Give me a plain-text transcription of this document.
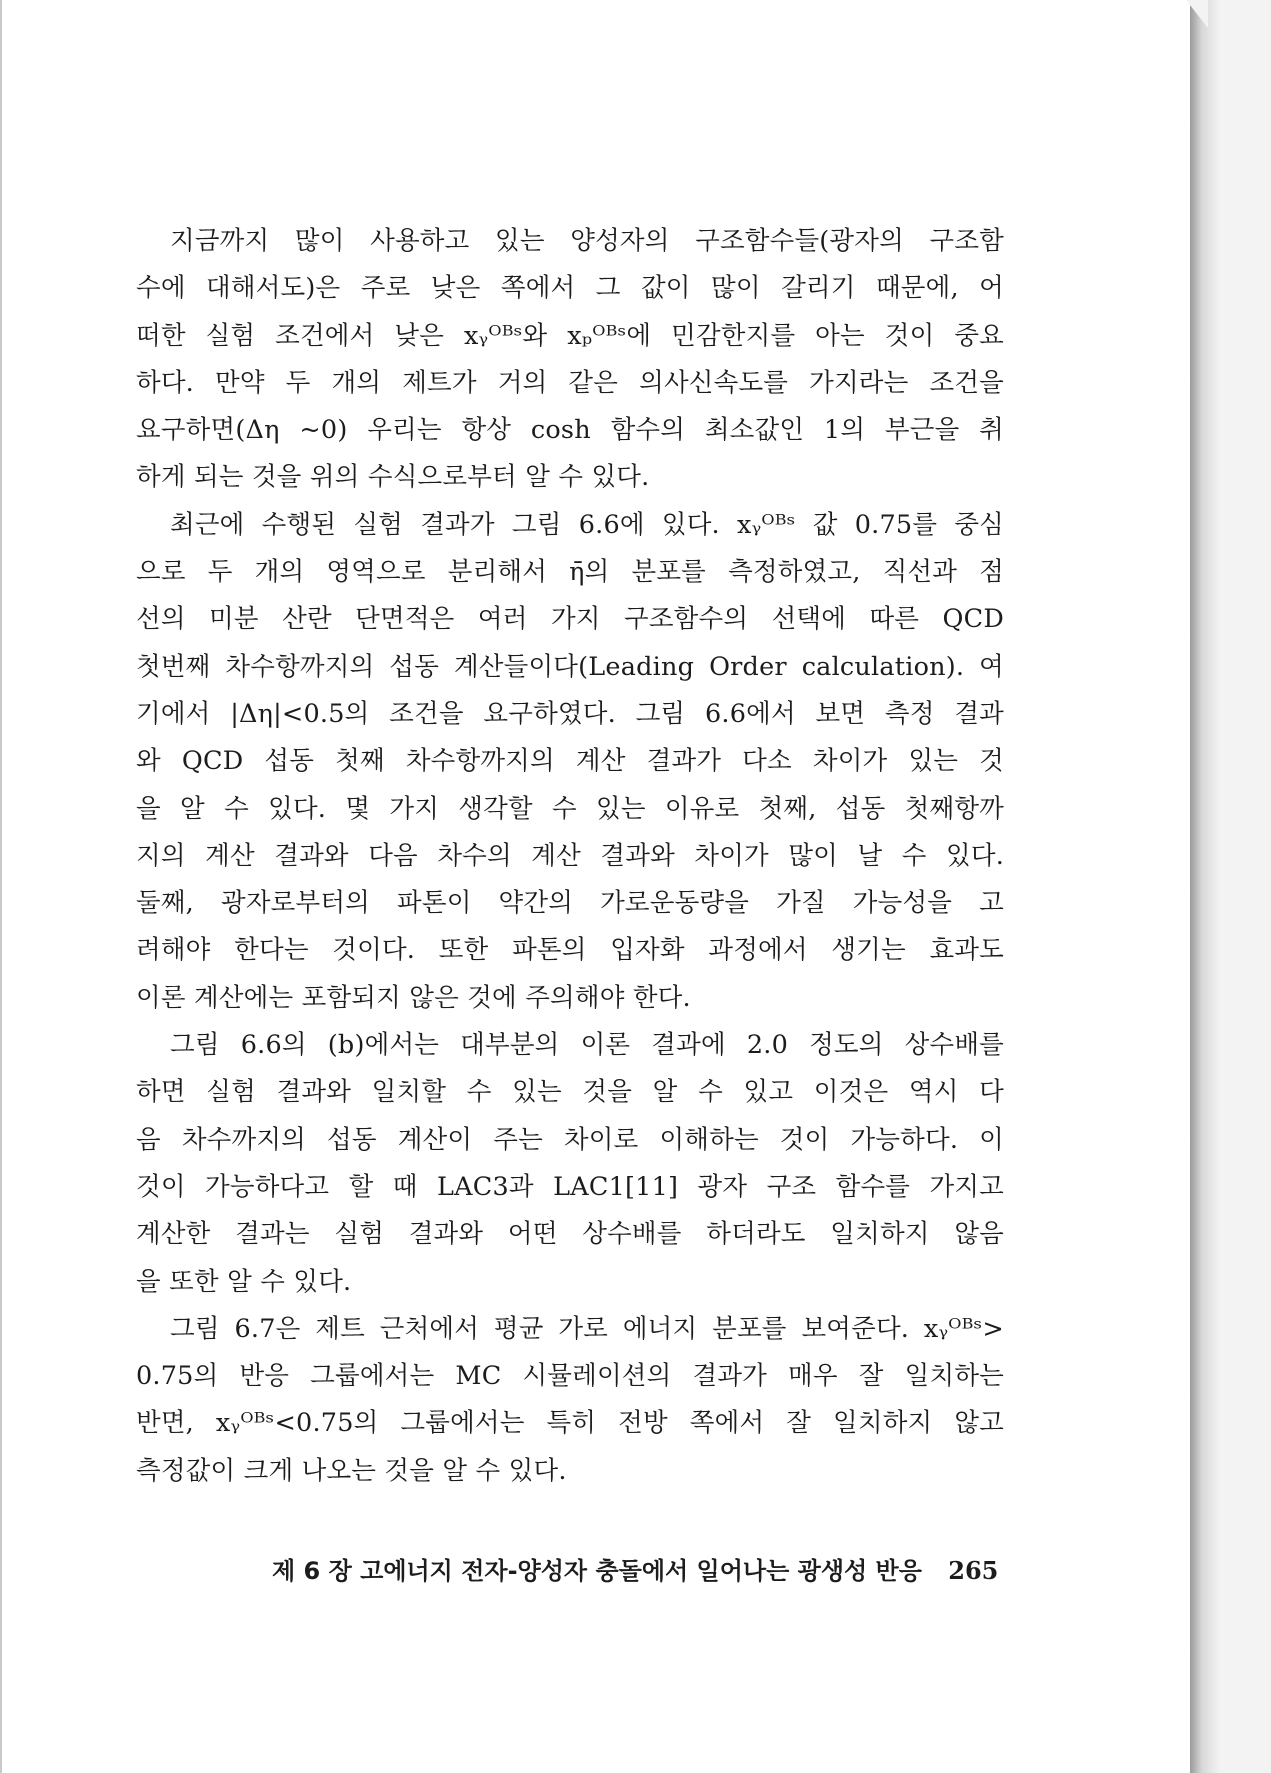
지금까지 많이 사용하고 있는 양성자의 구조함수들(광자의 구조함
수에 대해서도)은 주로 낮은 쪽에서 그 값이 많이 갈리기 때문에, 어
떠한 실험 조건에서 낮은 xᵧᴼᴮˢ와 xₚᴼᴮˢ에 민감한지를 아는 것이 중요
하다. 만약 두 개의 제트가 거의 같은 의사신속도를 가지라는 조건을
요구하면(Δη ~0) 우리는 항상 cosh 함수의 최소값인 1의 부근을 취
하게 되는 것을 위의 수식으로부터 알 수 있다.
최근에 수행된 실험 결과가 그림 6.6에 있다. xᵧᴼᴮˢ 값 0.75를 중심
으로 두 개의 영역으로 분리해서 η̄의 분포를 측정하였고, 직선과 점
선의 미분 산란 단면적은 여러 가지 구조함수의 선택에 따른 QCD
첫번째 차수항까지의 섭동 계산들이다(Leading Order calculation). 여
기에서 |Δη|<0.5의 조건을 요구하였다. 그림 6.6에서 보면 측정 결과
와 QCD 섭동 첫째 차수항까지의 계산 결과가 다소 차이가 있는 것
을 알 수 있다. 몇 가지 생각할 수 있는 이유로 첫째, 섭동 첫째항까
지의 계산 결과와 다음 차수의 계산 결과와 차이가 많이 날 수 있다.
둘째, 광자로부터의 파톤이 약간의 가로운동량을 가질 가능성을 고
려해야 한다는 것이다. 또한 파톤의 입자화 과정에서 생기는 효과도
이론 계산에는 포함되지 않은 것에 주의해야 한다.
그림 6.6의 (b)에서는 대부분의 이론 결과에 2.0 정도의 상수배를
하면 실험 결과와 일치할 수 있는 것을 알 수 있고 이것은 역시 다
음 차수까지의 섭동 계산이 주는 차이로 이해하는 것이 가능하다. 이
것이 가능하다고 할 때 LAC3과 LAC1[11] 광자 구조 함수를 가지고
계산한 결과는 실험 결과와 어떤 상수배를 하더라도 일치하지 않음
을 또한 알 수 있다.
그림 6.7은 제트 근처에서 평균 가로 에너지 분포를 보여준다. xᵧᴼᴮˢ>
0.75의 반응 그룹에서는 MC 시뮬레이션의 결과가 매우 잘 일치하는
반면, xᵧᴼᴮˢ<0.75의 그룹에서는 특히 전방 쪽에서 잘 일치하지 않고
측정값이 크게 나오는 것을 알 수 있다.
제 6 장 고에너지 전자-양성자 충돌에서 일어나는 광생성 반응 265
